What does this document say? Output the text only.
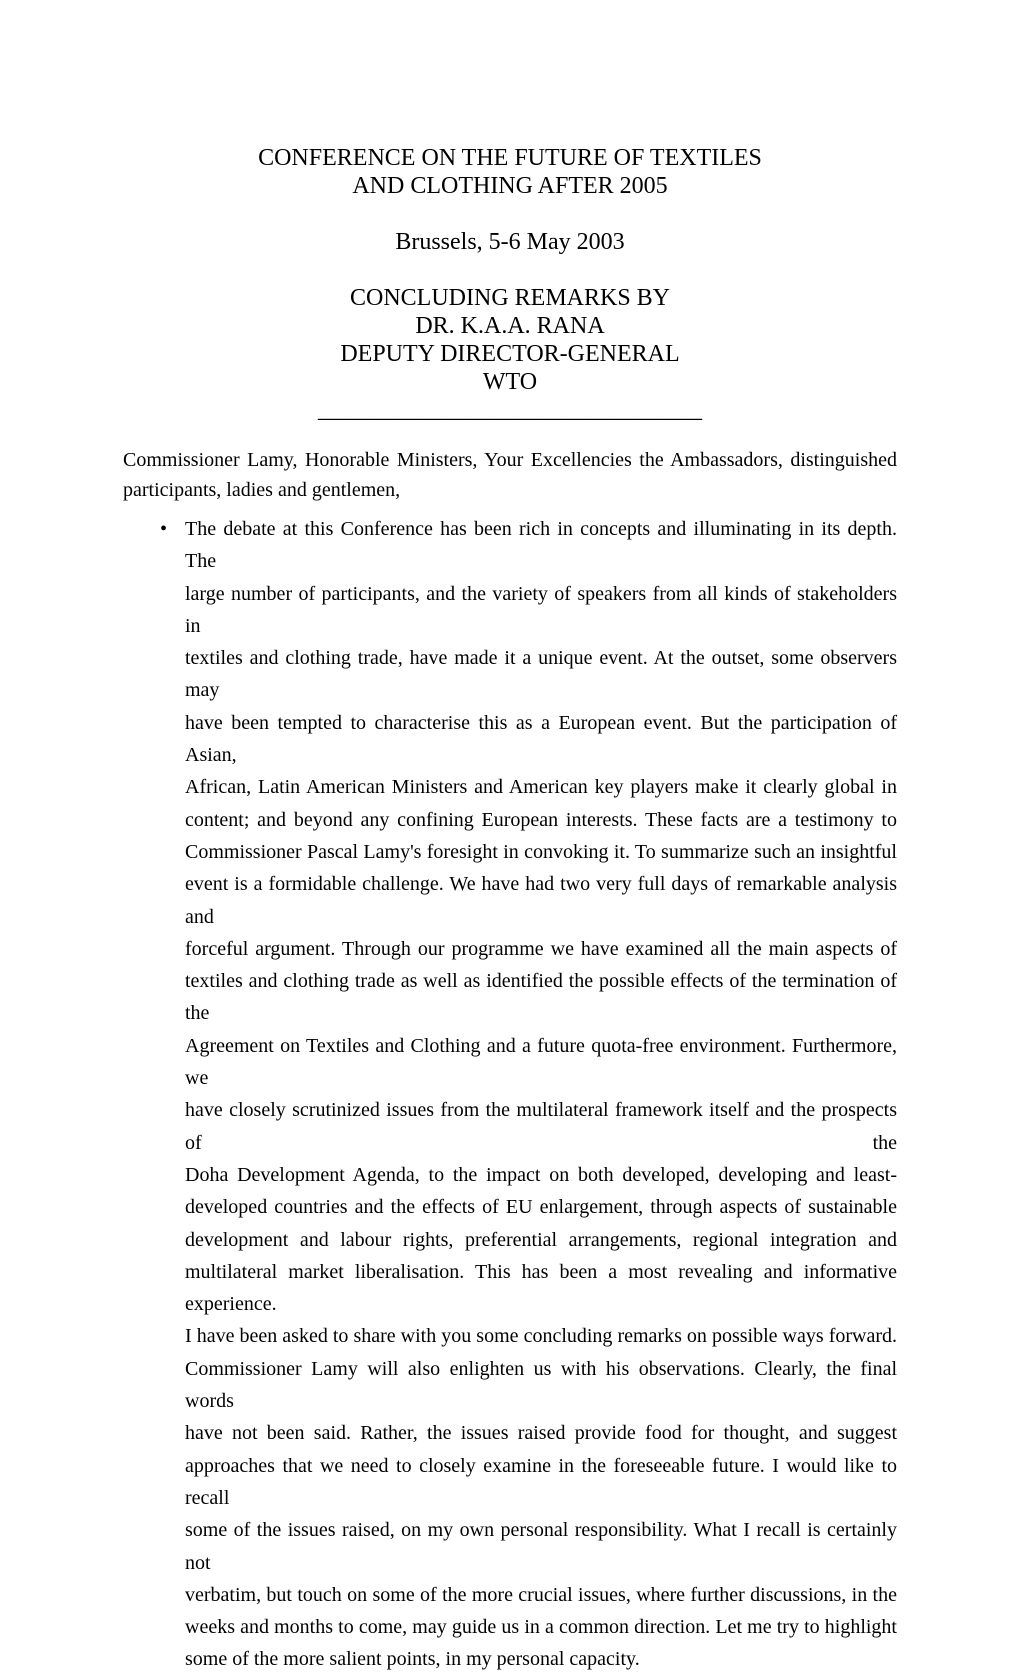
CONFERENCE ON THE FUTURE OF TEXTILES
AND CLOTHING AFTER 2005
Brussels, 5-6 May 2003
CONCLUDING REMARKS BY
DR. K.A.A. RANA
DEPUTY DIRECTOR-GENERAL
WTO
________________________________
Commissioner Lamy, Honorable Ministers, Your Excellencies the Ambassadors, distinguished
participants, ladies and gentlemen,
• The debate at this Conference has been rich in concepts and illuminating in its depth. The
large number of participants, and the variety of speakers from all kinds of stakeholders in
textiles and clothing trade, have made it a unique event. At the outset, some observers may
have been tempted to characterise this as a European event. But the participation of Asian,
African, Latin American Ministers and American key players make it clearly global in
content; and beyond any confining European interests. These facts are a testimony to
Commissioner Pascal Lamy's foresight in convoking it. To summarize such an insightful
event is a formidable challenge. We have had two very full days of remarkable analysis and
forceful argument. Through our programme we have examined all the main aspects of
textiles and clothing trade as well as identified the possible effects of the termination of the
Agreement on Textiles and Clothing and a future quota-free environment. Furthermore, we
have closely scrutinized issues from the multilateral framework itself and the prospects of the
Doha Development Agenda, to the impact on both developed, developing and least-
developed countries and the effects of EU enlargement, through aspects of sustainable
development and labour rights, preferential arrangements, regional integration and
multilateral market liberalisation. This has been a most revealing and informative experience.
I have been asked to share with you some concluding remarks on possible ways forward.
Commissioner Lamy will also enlighten us with his observations. Clearly, the final words
have not been said. Rather, the issues raised provide food for thought, and suggest
approaches that we need to closely examine in the foreseeable future. I would like to recall
some of the issues raised, on my own personal responsibility. What I recall is certainly not
verbatim, but touch on some of the more crucial issues, where further discussions, in the
weeks and months to come, may guide us in a common direction. Let me try to highlight
some of the more salient points, in my personal capacity.
